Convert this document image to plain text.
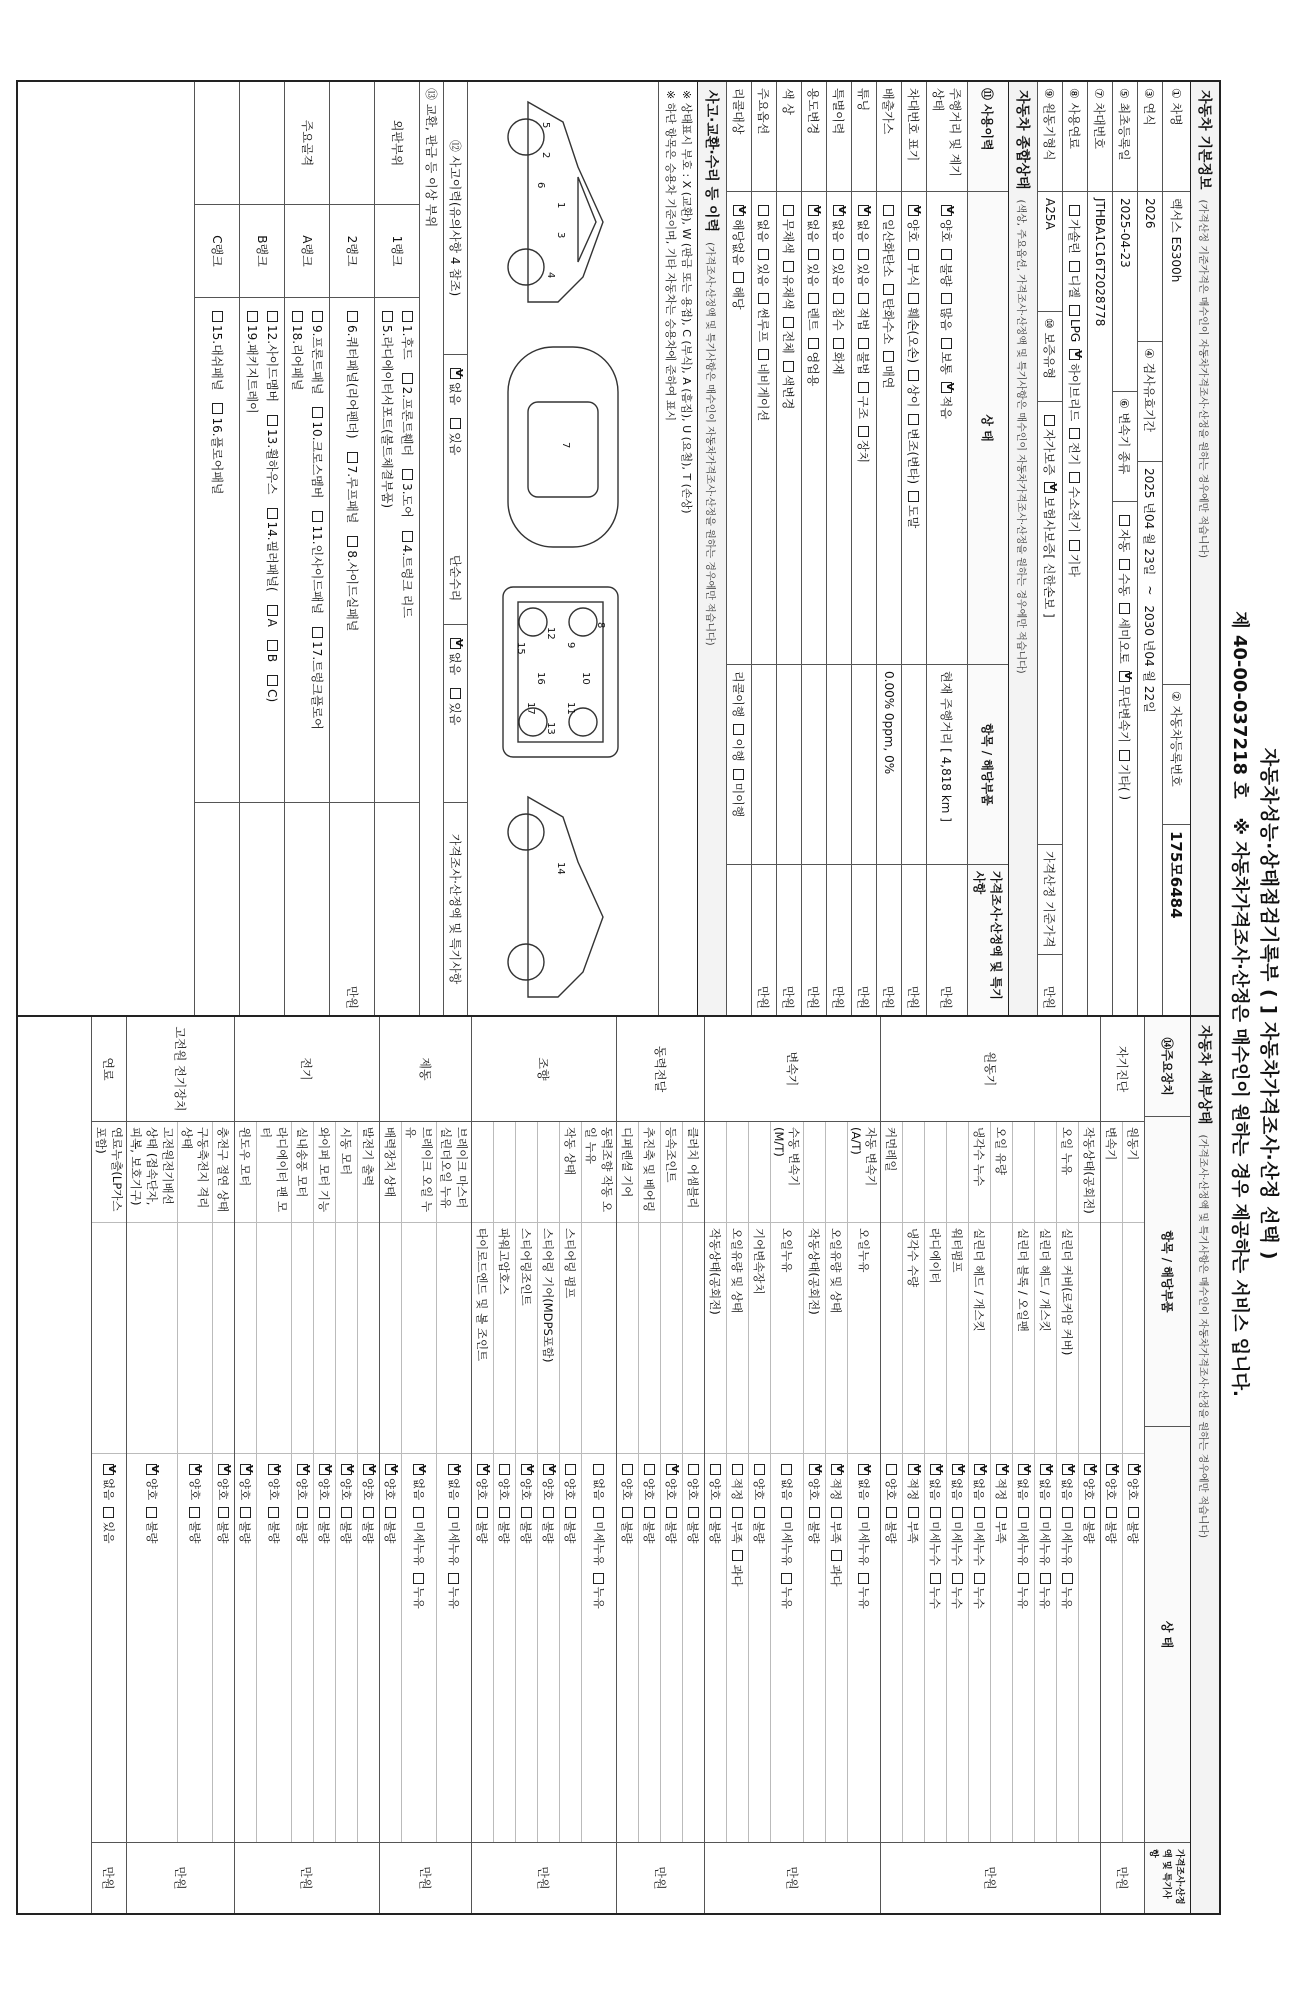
자동차성능·상태점검기록부 ( ] 자동차가격조사·산정 선택 )
제 40-00-037218 호   ※ 자동차가격조사·산정은 매수인이 원하는 경우 제공하는 서비스 입니다.
자동차 기본정보
(가격산정 기준가격은 매수인이 자동차가격조사·산정을 원하는 경우에만 적습니다)
① 차명
렉서스 ES300h
② 자동차등록번호
175모6484
③ 연식
2026
④ 검사유효기간
2025 년04 월 23일
~
2030 년04 월 22일
⑤ 최초등록일
2025-04-23
⑥ 변속기 종류
자동
수동
세미오토
V
무단변속기
기타(
)
⑦ 차대번호
JTHBA1C16T2028778
⑧ 사용연료
가솔린
디젤
LPG
V
하이브리드
전기
수소전기
기타
⑨ 원동기형식
A25A
⑩ 보증유형
자가보증
V
보험사보증[ 신한손보 ]
가격산정 기준가격
만원
자동차 종합상태
(색상, 주요옵션, 가격조사·산정액 및 특기사항은 매수인이 자동차가격조사·산정을 원하는 경우에만 적습니다)
⑪ 사용이력
상 태
항목 / 해당부품
가격조사·산정액 및 특기사항
주행거리 및 계기상태
V
양호
불량
많음
보통
V
적음
현재 주행거리 [ 4,818 km ]
만원
차대번호 표기
V
양호
부식
훼손(오손)
상이
변조(변타)
도말
만원
배출가스
일산화탄소
탄화수소
매연
0.00% 0ppm, 0%
만원
튜닝
V
없음
있음
적법
불법
구조
장치
만원
특별이력
V
없음
있음
침수
화재
만원
용도변경
V
없음
있음
렌트
영업용
만원
색 상
무채색
유채색
전체
색변경
만원
주요옵션
없음
있음
썬루프
네비게이션
만원
리콜대상
V
해당없음
해당
리콜이행
이행
미이행
사고·교환·수리 등 이력
(가격조사·산정액 및 특기사항은 매수인이 자동차가격조사·산정을 원하는 경우에만 적습니다)
※ 상태표시 부호 : X (교환), W (판금 또는 용접), C (부식), A (흠집), U (요철), T (손상)
※ 하단 항목은 승용차 기준이며, 기타 자동차는 승용차에 준하여 표시
1
2
3
4
5
6
7
8
9
10
11
12
13
14
15
16
17
⑫ 사고이력(유의사항 4 참조)
V
없음
있음
단순수리
V
없음
있음
가격조사·산정액 및 특기사항
⑬ 교환, 판금 등 이상 부위
외판부위
1랭크
1.후드
2.프론트휀더
3.도어
4.트렁크 리드
5.라디에이터서포트(볼트체결부품)
2랭크
6.쿼터패널(리어펜더)
7.루프패널
8.사이드실패널
만원
주요골격
A랭크
9.프론트패널
10.크로스멤버
11.인사이드패널
17.트렁크플로어
18.리어패널
B랭크
12.사이드멤버
13.휠하우스
14.필러패널(
A
B
C)
19.패키지트레이
C랭크
15.대쉬패널
16.플로어패널
자동차 세부상태
(가격조사·산정액 및 특기사항은 매수인이 자동차가격조사·산정을 원하는 경우에만 적습니다)
⑭주요장치
항목 / 해당부품
상 태
가격조사·산정액 및 특기사항
자기진단
원동기
V
양호
불량
변속기
V
양호
불량
만원
원동기
작동상태(공회전)
V
양호
불량
오일 누유
실린더 커버(로커암 커버)
V
없음
미세누유
누유
실린더 헤드 / 개스킷
V
없음
미세누유
누유
실린더 블록 / 오일팬
V
없음
미세누유
누유
오일 유량
V
적정
부족
냉각수 누수
실린더 헤드 / 개스킷
V
없음
미세누수
누수
워터펌프
V
없음
미세누수
누수
라디에이터
V
없음
미세누수
누수
냉각수 수량
V
적정
부족
커먼레일
양호
불량
만원
변속기
자동 변속기 (A/T)
오일누유
V
없음
미세누유
누유
오일유량 및 상태
V
적정
부족
과다
작동상태(공회전)
V
양호
불량
수동 변속기 (M/T)
오일누유
없음
미세누유
누유
기어변속장치
양호
불량
오일유량 및 상태
적정
부족
과다
작동상태(공회전)
양호
불량
만원
동력전달
클러치 어셈블리
양호
불량
등속조인트
V
양호
불량
추진축 및 베어링
양호
불량
디퍼렌셜 기어
양호
불량
만원
조향
동력조향 작동 오일 누유
없음
미세누유
누유
작동 상태
스티어링 펌프
양호
불량
스티어링 기어(MDPS포함)
V
양호
불량
스티어링조인트
V
양호
불량
파워고압호스
양호
불량
타이로드엔드 및 볼 조인트
V
양호
불량
만원
제동
브레이크 마스터 실린더오일 누유
V
없음
미세누유
누유
브레이크 오일 누유
V
없음
미세누유
누유
배력장치 상태
V
양호
불량
만원
전기
발전기 출력
V
양호
불량
시동 모터
V
양호
불량
와이퍼 모터 기능
V
양호
불량
실내송풍 모터
V
양호
불량
라디에이터 팬 모터
V
양호
불량
윈도우 모터
V
양호
불량
만원
고전원 전기장치
충전구 절연 상태
V
양호
불량
구동축전지 격리 상태
V
양호
불량
고전원전기배선 상태 (접속단자, 피복, 보호기구)
V
양호
불량
만원
연료
연료누출(LP가스포함)
V
없음
있음
만원
